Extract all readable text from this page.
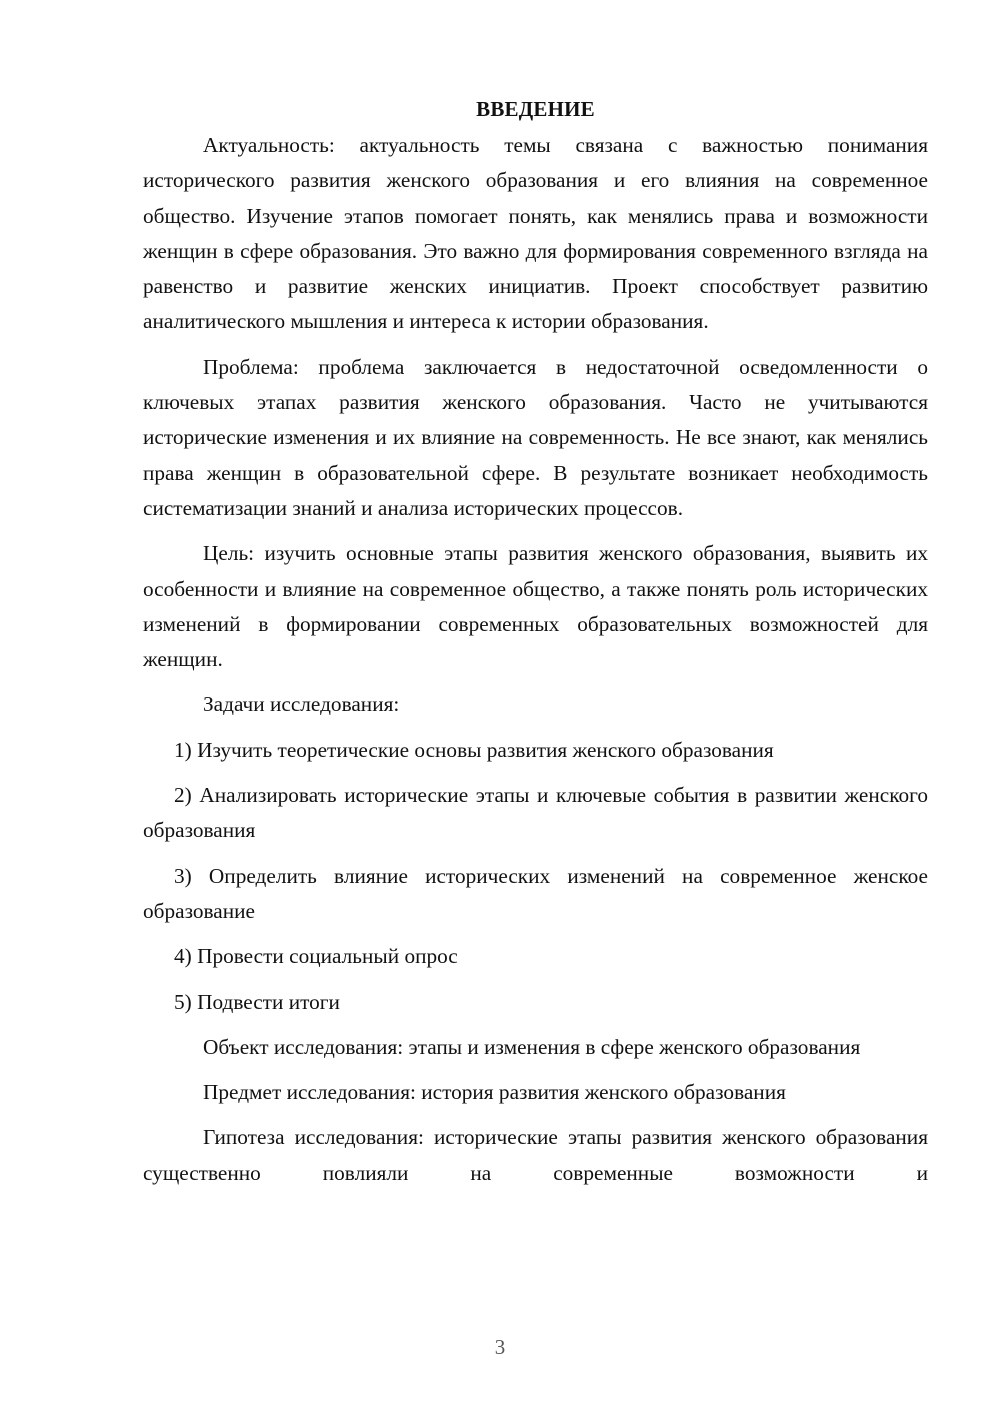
ВВЕДЕНИЕ

Актуальность: актуальность темы связана с важностью понимания исторического развития женского образования и его влияния на современное общество. Изучение этапов помогает понять, как менялись права и возможности женщин в сфере образования. Это важно для формирования современного взгляда на равенство и развитие женских инициатив. Проект способствует развитию аналитического мышления и интереса к истории образования.

Проблема: проблема заключается в недостаточной осведомленности о ключевых этапах развития женского образования. Часто не учитываются исторические изменения и их влияние на современность. Не все знают, как менялись права женщин в образовательной сфере. В результате возникает необходимость систематизации знаний и анализа исторических процессов.

Цель: изучить основные этапы развития женского образования, выявить их особенности и влияние на современное общество, а также понять роль исторических изменений в формировании современных образовательных возможностей для женщин.

Задачи исследования:

1) Изучить теоретические основы развития женского образования

2) Анализировать исторические этапы и ключевые события в развитии женского образования

3) Определить влияние исторических изменений на современное женское образование

4) Провести социальный опрос

5) Подвести итоги

Объект исследования: этапы и изменения в сфере женского образования

Предмет исследования: история развития женского образования

Гипотеза исследования: исторические этапы развития женского образования существенно повлияли на современные возможности и

3
